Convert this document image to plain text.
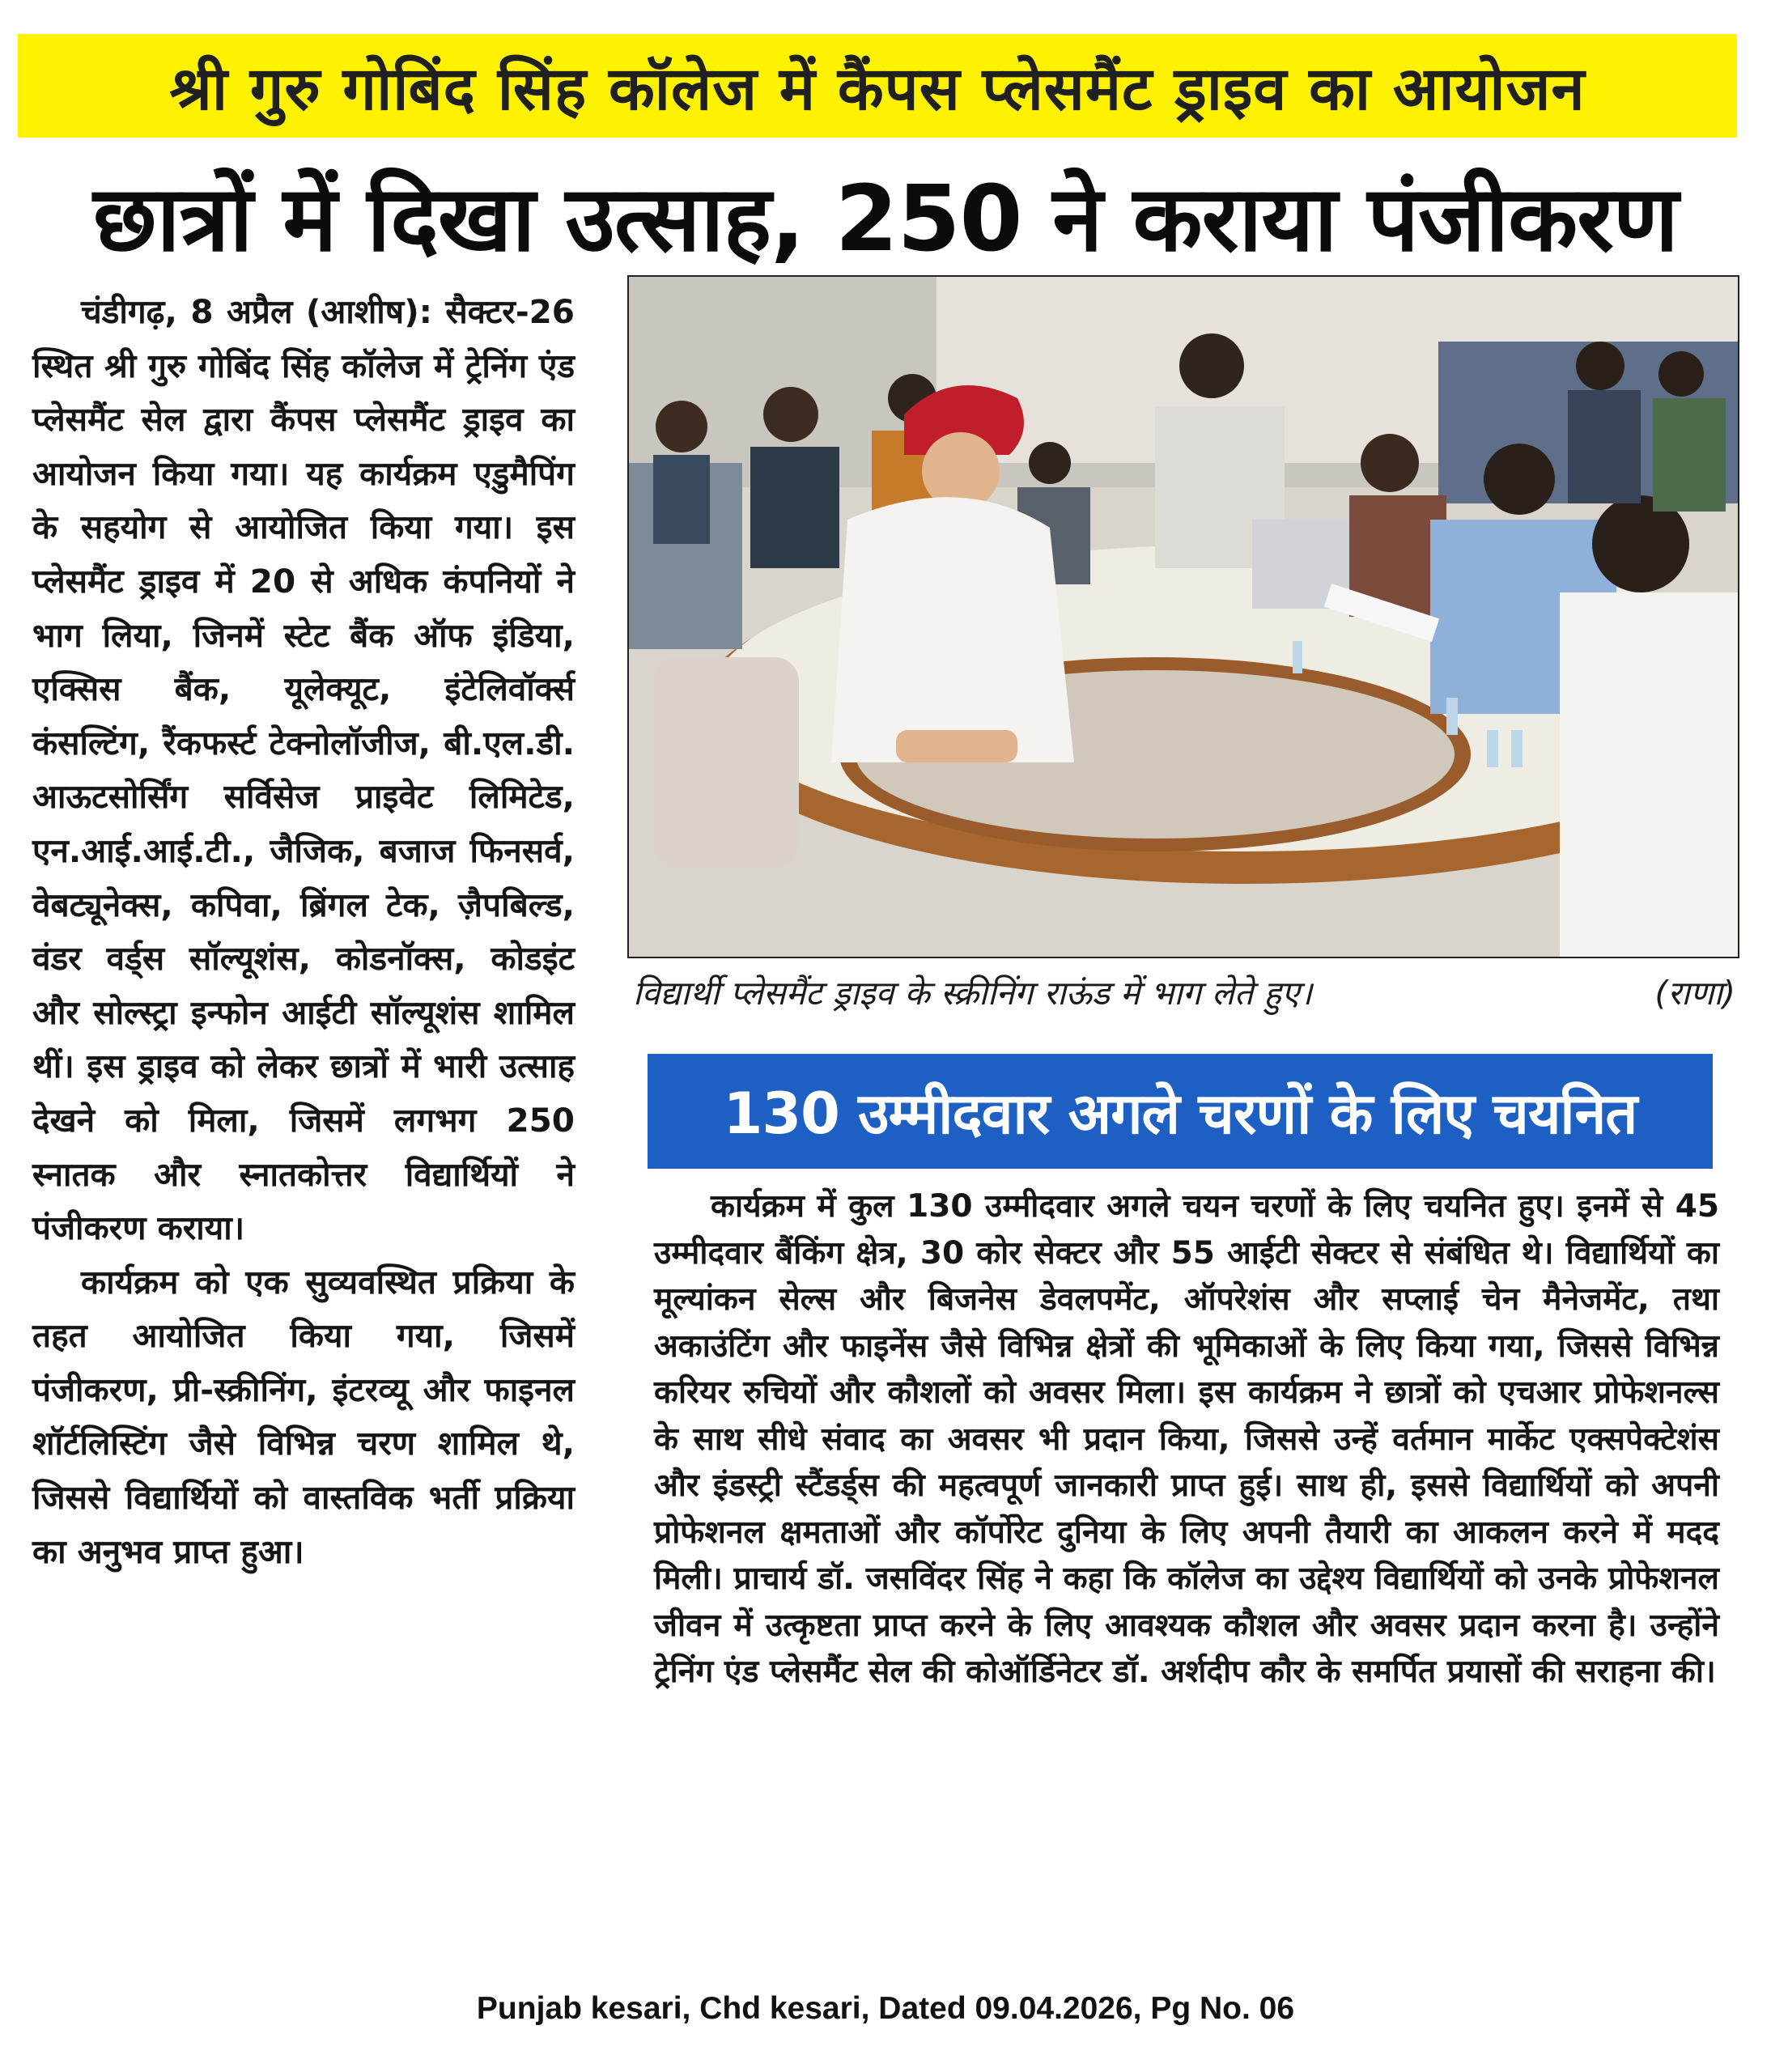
श्री गुरु गोबिंद सिंह कॉलेज में कैंपस प्लेसमैंट ड्राइव का आयोजन
छात्रों में दिखा उत्साह, 250 ने कराया पंजीकरण

चंडीगढ़, 8 अप्रैल (आशीष): सैक्टर-26 स्थित श्री गुरु गोबिंद सिंह कॉलेज में ट्रेनिंग एंड प्लेसमैंट सेल द्वारा कैंपस प्लेसमैंट ड्राइव का आयोजन किया गया। यह कार्यक्रम एडुमैपिंग के सहयोग से आयोजित किया गया। इस प्लेसमैंट ड्राइव में 20 से अधिक कंपनियों ने भाग लिया, जिनमें स्टेट बैंक ऑफ इंडिया, एक्सिस बैंक, यूलेक्यूट, इंटेलिवॉर्क्स कंसल्टिंग, रैंकफर्स्ट टेक्नोलॉजीज, बी.एल.डी. आऊटसोर्सिंग सर्विसेज प्राइवेट लिमिटेड, एन.आई.आई.टी., जैजिक, बजाज फिनसर्व, वेबट्यूनेक्स, कपिवा, ब्रिंगल टेक, ज़ैपबिल्ड, वंडर वर्ड्स सॉल्यूशंस, कोडनॉक्स, कोडइंट और सोल्स्ट्रा इन्फोन आईटी सॉल्यूशंस शामिल थीं। इस ड्राइव को लेकर छात्रों में भारी उत्साह देखने को मिला, जिसमें लगभग 250 स्नातक और स्नातकोत्तर विद्यार्थियों ने पंजीकरण कराया।

कार्यक्रम को एक सुव्यवस्थित प्रक्रिया के तहत आयोजित किया गया, जिसमें पंजीकरण, प्री-स्क्रीनिंग, इंटरव्यू और फाइनल शॉर्टलिस्टिंग जैसे विभिन्न चरण शामिल थे, जिससे विद्यार्थियों को वास्तविक भर्ती प्रक्रिया का अनुभव प्राप्त हुआ।

विद्यार्थी प्लेसमैंट ड्राइव के स्क्रीनिंग राऊंड में भाग लेते हुए।	(राणा)
130 उम्मीदवार अगले चरणों के लिए चयनित

कार्यक्रम में कुल 130 उम्मीदवार अगले चयन चरणों के लिए चयनित हुए। इनमें से 45 उम्मीदवार बैंकिंग क्षेत्र, 30 कोर सेक्टर और 55 आईटी सेक्टर से संबंधित थे। विद्यार्थियों का मूल्यांकन सेल्स और बिजनेस डेवलपमेंट, ऑपरेशंस और सप्लाई चेन मैनेजमेंट, तथा अकाउंटिंग और फाइनेंस जैसे विभिन्न क्षेत्रों की भूमिकाओं के लिए किया गया, जिससे विभिन्न करियर रुचियों और कौशलों को अवसर मिला। इस कार्यक्रम ने छात्रों को एचआर प्रोफेशनल्स के साथ सीधे संवाद का अवसर भी प्रदान किया, जिससे उन्हें वर्तमान मार्केट एक्सपेक्टेशंस और इंडस्ट्री स्टैंडर्ड्स की महत्वपूर्ण जानकारी प्राप्त हुई। साथ ही, इससे विद्यार्थियों को अपनी प्रोफेशनल क्षमताओं और कॉर्पोरेट दुनिया के लिए अपनी तैयारी का आकलन करने में मदद मिली। प्राचार्य डॉ. जसविंदर सिंह ने कहा कि कॉलेज का उद्देश्य विद्यार्थियों को उनके प्रोफेशनल जीवन में उत्कृष्टता प्राप्त करने के लिए आवश्यक कौशल और अवसर प्रदान करना है। उन्होंने ट्रेनिंग एंड प्लेसमैंट सेल की कोऑर्डिनेटर डॉ. अर्शदीप कौर के समर्पित प्रयासों की सराहना की।

Punjab kesari, Chd kesari, Dated 09.04.2026, Pg No. 06
